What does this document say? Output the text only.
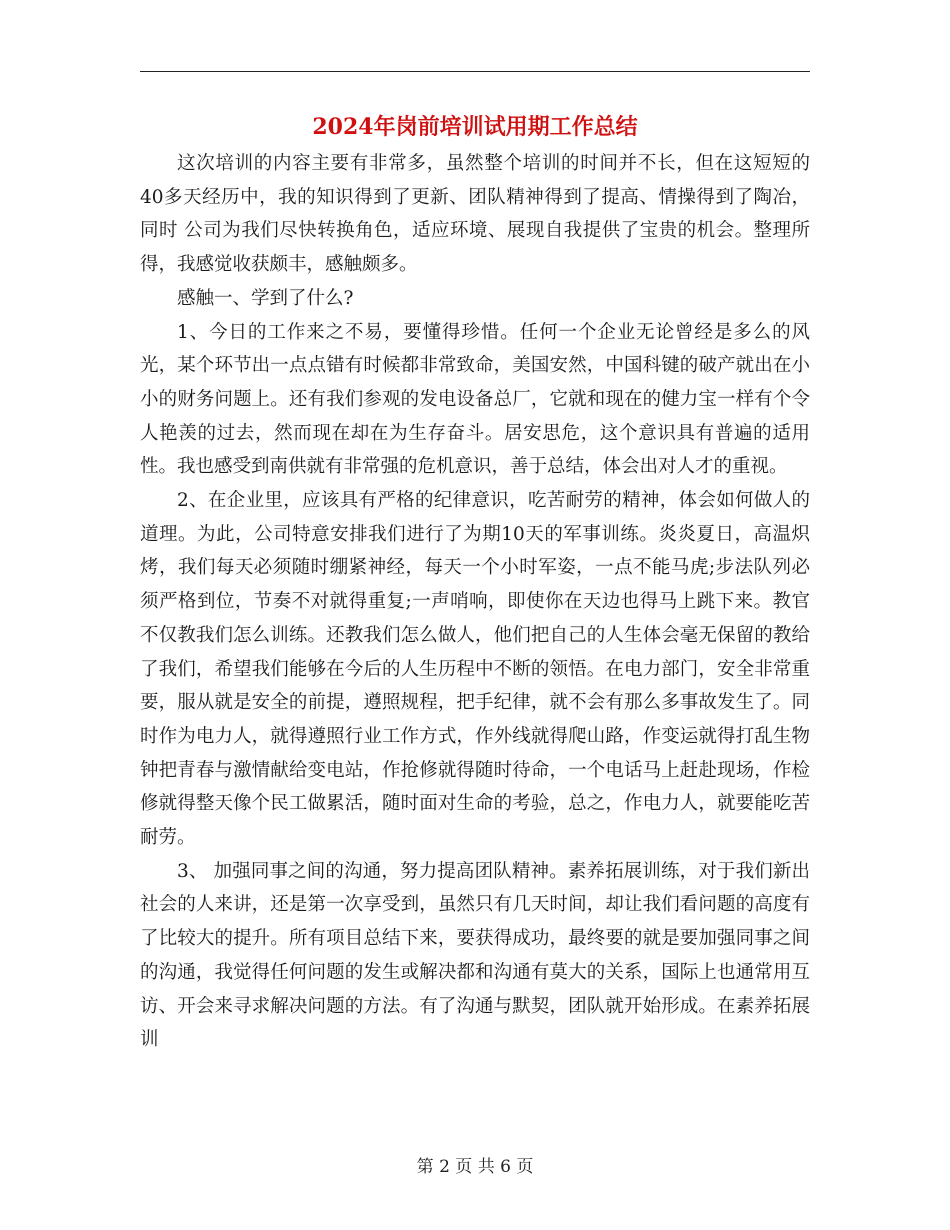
2024年岗前培训试用期工作总结

这次培训的内容主要有非常多，虽然整个培训的时间并不长，但在这短短的40多天经历中，我的知识得到了更新、团队精神得到了提高、情操得到了陶冶，同时 公司为我们尽快转换角色，适应环境、展现自我提供了宝贵的机会。整理所得，我感觉收获颇丰，感触颇多。

感触一、学到了什么?

1、今日的工作来之不易，要懂得珍惜。任何一个企业无论曾经是多么的风光，某个环节出一点点错有时候都非常致命，美国安然，中国科键的破产就出在小小的财务问题上。还有我们参观的发电设备总厂，它就和现在的健力宝一样有个令人艳羡的过去，然而现在却在为生存奋斗。居安思危，这个意识具有普遍的适用性。我也感受到南供就有非常强的危机意识，善于总结，体会出对人才的重视。

2、在企业里，应该具有严格的纪律意识，吃苦耐劳的精神，体会如何做人的道理。为此，公司特意安排我们进行了为期10天的军事训练。炎炎夏日，高温炽烤，我们每天必须随时绷紧神经，每天一个小时军姿，一点不能马虎;步法队列必须严格到位，节奏不对就得重复;一声哨响，即使你在天边也得马上跳下来。教官不仅教我们怎么训练。还教我们怎么做人，他们把自己的人生体会毫无保留的教给了我们，希望我们能够在今后的人生历程中不断的领悟。在电力部门，安全非常重要，服从就是安全的前提，遵照规程，把手纪律，就不会有那么多事故发生了。同时作为电力人，就得遵照行业工作方式，作外线就得爬山路，作变运就得打乱生物钟把青春与激情献给变电站，作抢修就得随时待命，一个电话马上赶赴现场，作检修就得整天像个民工做累活，随时面对生命的考验，总之，作电力人，就要能吃苦耐劳。

3、 加强同事之间的沟通，努力提高团队精神。素养拓展训练，对于我们新出社会的人来讲，还是第一次享受到，虽然只有几天时间，却让我们看问题的高度有了比较大的提升。所有项目总结下来，要获得成功，最终要的就是要加强同事之间的沟通，我觉得任何问题的发生或解决都和沟通有莫大的关系，国际上也通常用互访、开会来寻求解决问题的方法。有了沟通与默契，团队就开始形成。在素养拓展训

第 2 页 共 6 页
